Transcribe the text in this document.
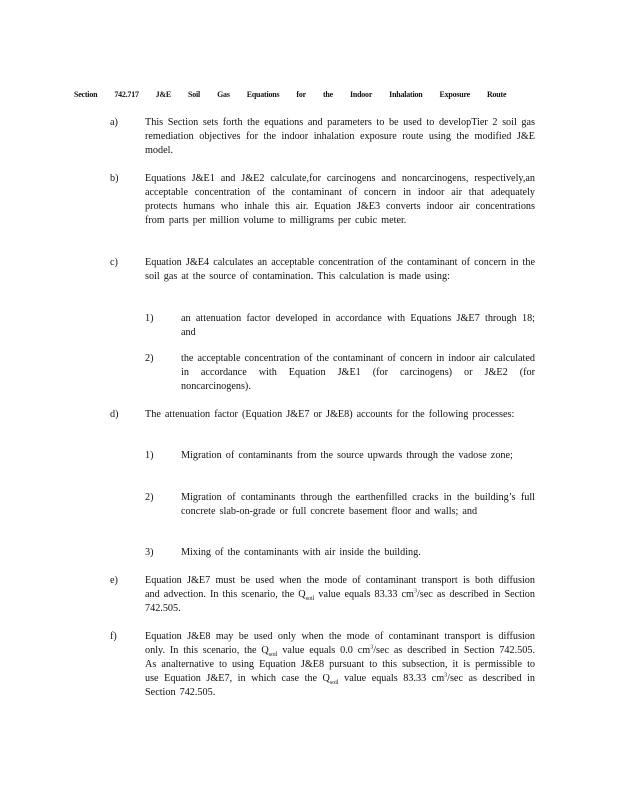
Section 742.717 J&E Soil Gas Equations for the Indoor Inhalation Exposure Route
a)	This Section sets forth the equations and parameters to be used to developTier 2 soil gas remediation objectives for the indoor inhalation exposure route using the modified J&E model.
b)	Equations J&E1 and J&E2 calculate,for carcinogens and noncarcinogens, respectively,an acceptable concentration of the contaminant of concern in indoor air that adequately protects humans who inhale this air. Equation J&E3 converts indoor air concentrations from parts per million volume to milligrams per cubic meter.
c)	Equation J&E4 calculates an acceptable concentration of the contaminant of concern in the soil gas at the source of contamination. This calculation is made using:
1)	an attenuation factor developed in accordance with Equations J&E7 through 18; and
2)	the acceptable concentration of the contaminant of concern in indoor air calculated in accordance with Equation J&E1 (for carcinogens) or J&E2 (for noncarcinogens).
d)	The attenuation factor (Equation J&E7 or J&E8) accounts for the following processes:
1)	Migration of contaminants from the source upwards through the vadose zone;
2)	Migration of contaminants through the earthenfilled cracks in the building’s full concrete slab-on-grade or full concrete basement floor and walls; and
3)	Mixing of the contaminants with air inside the building.
e)	Equation J&E7 must be used when the mode of contaminant transport is both diffusion and advection. In this scenario, the $Q_{soil}$ value equals 83.33 $cm^3/\sec$ as described in Section 742.505.
f)	Equation J&E8 may be used only when the mode of contaminant transport is diffusion only. In this scenario, the $Q_{soil}$ value equals 0.0 $cm^3/\sec$ as described in Section 742.505. As analternative to using Equation J&E8 pursuant to this subsection, it is permissible to use Equation J&E7, in which case the $Q_{soil}$ value equals 83.33 $cm^3/\sec$ as described in Section 742.505.
